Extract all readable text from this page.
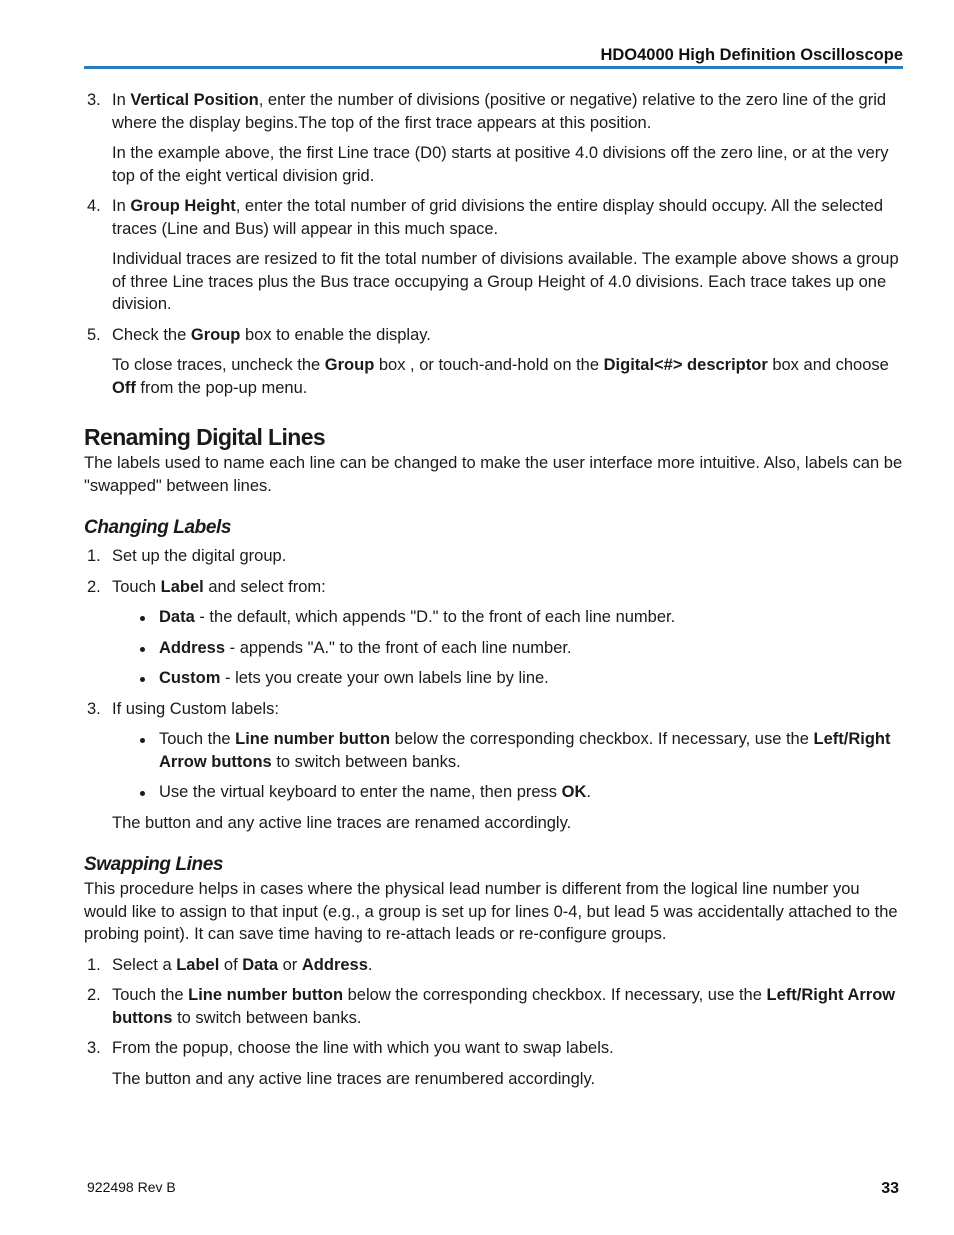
HDO4000 High Definition Oscilloscope
3. In Vertical Position, enter the number of divisions (positive or negative) relative to the zero line of the grid where the display begins.The top of the first trace appears at this position.

In the example above, the first Line trace (D0) starts at positive 4.0 divisions off the zero line, or at the very top of the eight vertical division grid.

4. In Group Height, enter the total number of grid divisions the entire display should occupy. All the selected traces (Line and Bus) will appear in this much space.

Individual traces are resized to fit the total number of divisions available. The example above shows a group of three Line traces plus the Bus trace occupying a Group Height of 4.0 divisions. Each trace takes up one division.

5. Check the Group box to enable the display.

To close traces, uncheck the Group box , or touch-and-hold on the Digital<#> descriptor box and choose Off from the pop-up menu.

Renaming Digital Lines

The labels used to name each line can be changed to make the user interface more intuitive. Also, labels can be "swapped" between lines.

Changing Labels
1. Set up the digital group.

2. Touch Label and select from:

Data - the default, which appends "D." to the front of each line number.
Address - appends "A." to the front of each line number.
Custom - lets you create your own labels line by line.
3. If using Custom labels:

Touch the Line number button below the corresponding checkbox. If necessary, use the Left/Right Arrow buttons to switch between banks.
Use the virtual keyboard to enter the name, then press OK.

The button and any active line traces are renamed accordingly.

Swapping Lines

This procedure helps in cases where the physical lead number is different from the logical line number you would like to assign to that input (e.g., a group is set up for lines 0-4, but lead 5 was accidentally attached to the probing point). It can save time having to re-attach leads or re-configure groups.

1. Select a Label of Data or Address.

2. Touch the Line number button below the corresponding checkbox. If necessary, use the Left/Right Arrow buttons to switch between banks.

3. From the popup, choose the line with which you want to swap labels.

The button and any active line traces are renumbered accordingly.

922498 Rev B	33
